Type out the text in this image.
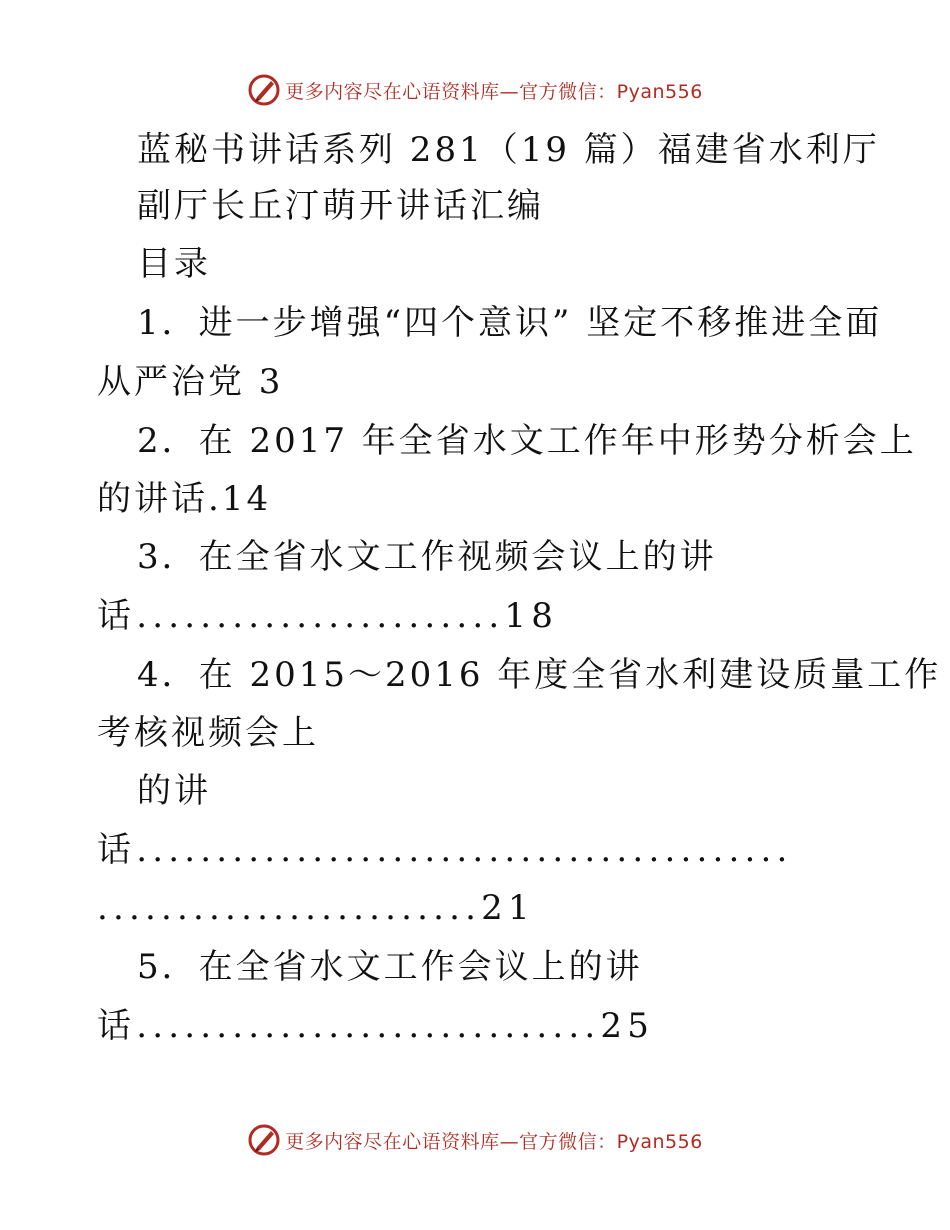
更多内容尽在心语资料库—官方微信：Pyan556
蓝秘书讲话系列 281（19 篇）福建省水利厅
副厅长丘汀萌开讲话汇编
目录
1．进一步增强“四个意识” 坚定不移推进全面
从严治党 3
2．在 2017 年全省水文工作年中形势分析会上
的讲话.14
3．在全省水文工作视频会议上的讲
话.......................18
4．在 2015～2016 年度全省水利建设质量工作
考核视频会上
的讲
话.........................................
........................21
5．在全省水文工作会议上的讲
话.............................25
更多内容尽在心语资料库—官方微信：Pyan556
